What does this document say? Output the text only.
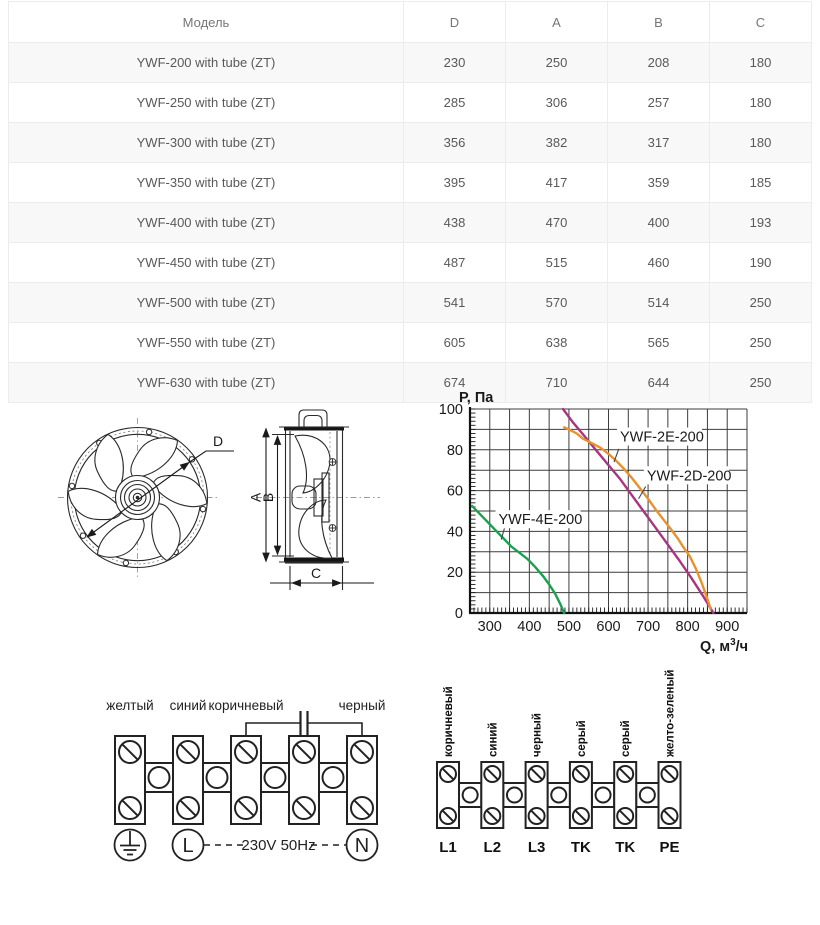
Модель	D	A	B	C
YWF-200 with tube (ZT)	230	250	208	180
YWF-250 with tube (ZT)	285	306	257	180
YWF-300 with tube (ZT)	356	382	317	180
YWF-350 with tube (ZT)	395	417	359	185
YWF-400 with tube (ZT)	438	470	400	193
YWF-450 with tube (ZT)	487	515	460	190
YWF-500 with tube (ZT)	541	570	514	250
YWF-550 with tube (ZT)	605	638	565	250
YWF-630 with tube (ZT)	674	710	644	250
D
A
B
C
300 400 500 600 700 800 900
0
20
40
60
80
100
P, Па
Q, $м^3/ч$
YWF-2D-200
YWF-2E-200
YWF-4E-200
желтый синий коричневый	черный
L	N
230V 50Hz
коричневый
L1
синий
L2
черный
L3
серый
TK
серый
TK
желто-зеленый
PE
